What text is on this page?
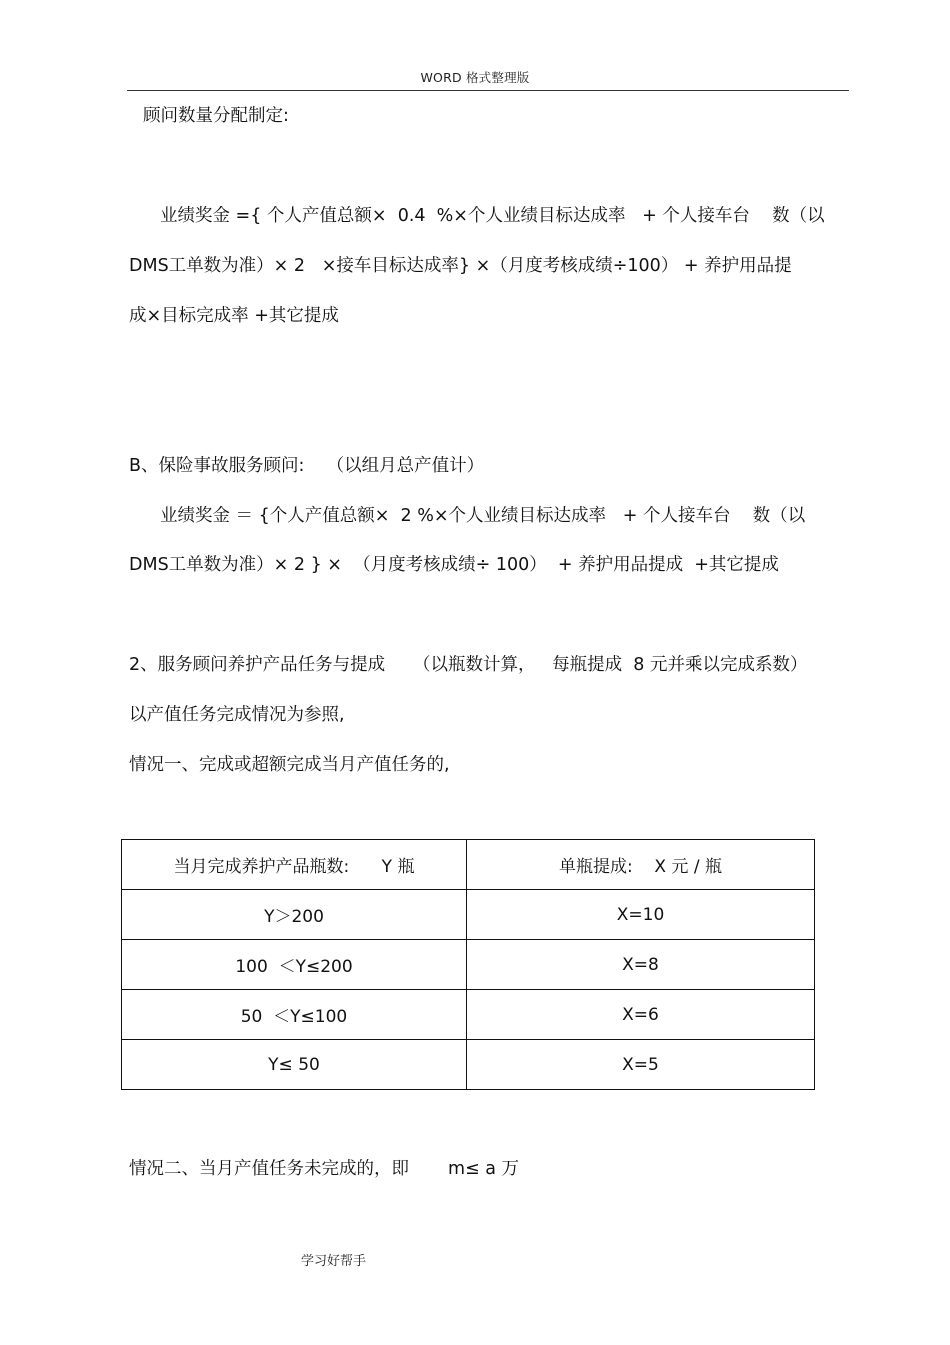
WORD 格式整理版
顾问数量分配制定:
业绩奖金 ={ 个人产值总额×  0.4  %×个人业绩目标达成率   + 个人接车台    数（以
DMS工单数为准）× 2   ×接车目标达成率} ×（月度考核成绩÷100） + 养护用品提
成×目标完成率 +其它提成
B、保险事故服务顾问:    （以组月总产值计）
业绩奖金 ＝ {个人产值总额×  2 %×个人业绩目标达成率   + 个人接车台    数（以
DMS工单数为准）× 2 } ×  （月度考核成绩÷ 100）  + 养护用品提成  +其它提成
2、服务顾问养护产品任务与提成     （以瓶数计算，   每瓶提成  8 元并乘以完成系数）
以产值任务完成情况为参照,
情况一、完成或超额完成当月产值任务的,
当月完成养护产品瓶数:      Y 瓶	单瓶提成:    X 元 / 瓶
Y＞200	X=10
100  ＜Y≤200	X=8
50  ＜Y≤100	X=6
Y≤ 50	X=5
情况二、当月产值任务未完成的，即       m≤ a 万
学习好帮手
